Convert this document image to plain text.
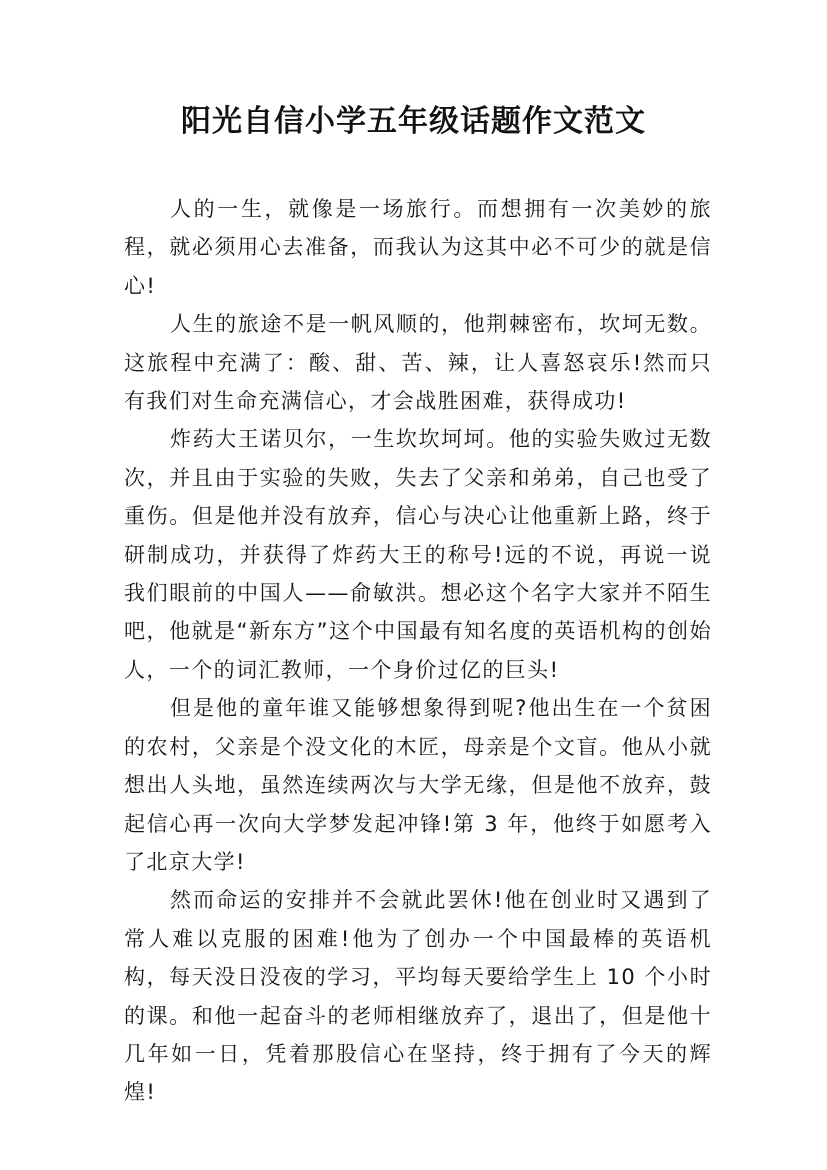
阳光自信小学五年级话题作文范文

人的一生，就像是一场旅行。而想拥有一次美妙的旅程，就必须用心去准备，而我认为这其中必不可少的就是信心!

人生的旅途不是一帆风顺的，他荆棘密布，坎坷无数。这旅程中充满了：酸、甜、苦、辣，让人喜怒哀乐!然而只有我们对生命充满信心，才会战胜困难，获得成功!

炸药大王诺贝尔，一生坎坎坷坷。他的实验失败过无数次，并且由于实验的失败，失去了父亲和弟弟，自己也受了重伤。但是他并没有放弃，信心与决心让他重新上路，终于研制成功，并获得了炸药大王的称号!远的不说，再说一说我们眼前的中国人——俞敏洪。想必这个名字大家并不陌生吧，他就是“新东方”这个中国最有知名度的英语机构的创始人，一个的词汇教师，一个身价过亿的巨头!

但是他的童年谁又能够想象得到呢?他出生在一个贫困的农村，父亲是个没文化的木匠，母亲是个文盲。他从小就想出人头地，虽然连续两次与大学无缘，但是他不放弃，鼓起信心再一次向大学梦发起冲锋!第 3 年，他终于如愿考入了北京大学!

然而命运的安排并不会就此罢休!他在创业时又遇到了常人难以克服的困难!他为了创办一个中国最棒的英语机构，每天没日没夜的学习，平均每天要给学生上 10 个小时的课。和他一起奋斗的老师相继放弃了，退出了，但是他十几年如一日，凭着那股信心在坚持，终于拥有了今天的辉煌!
